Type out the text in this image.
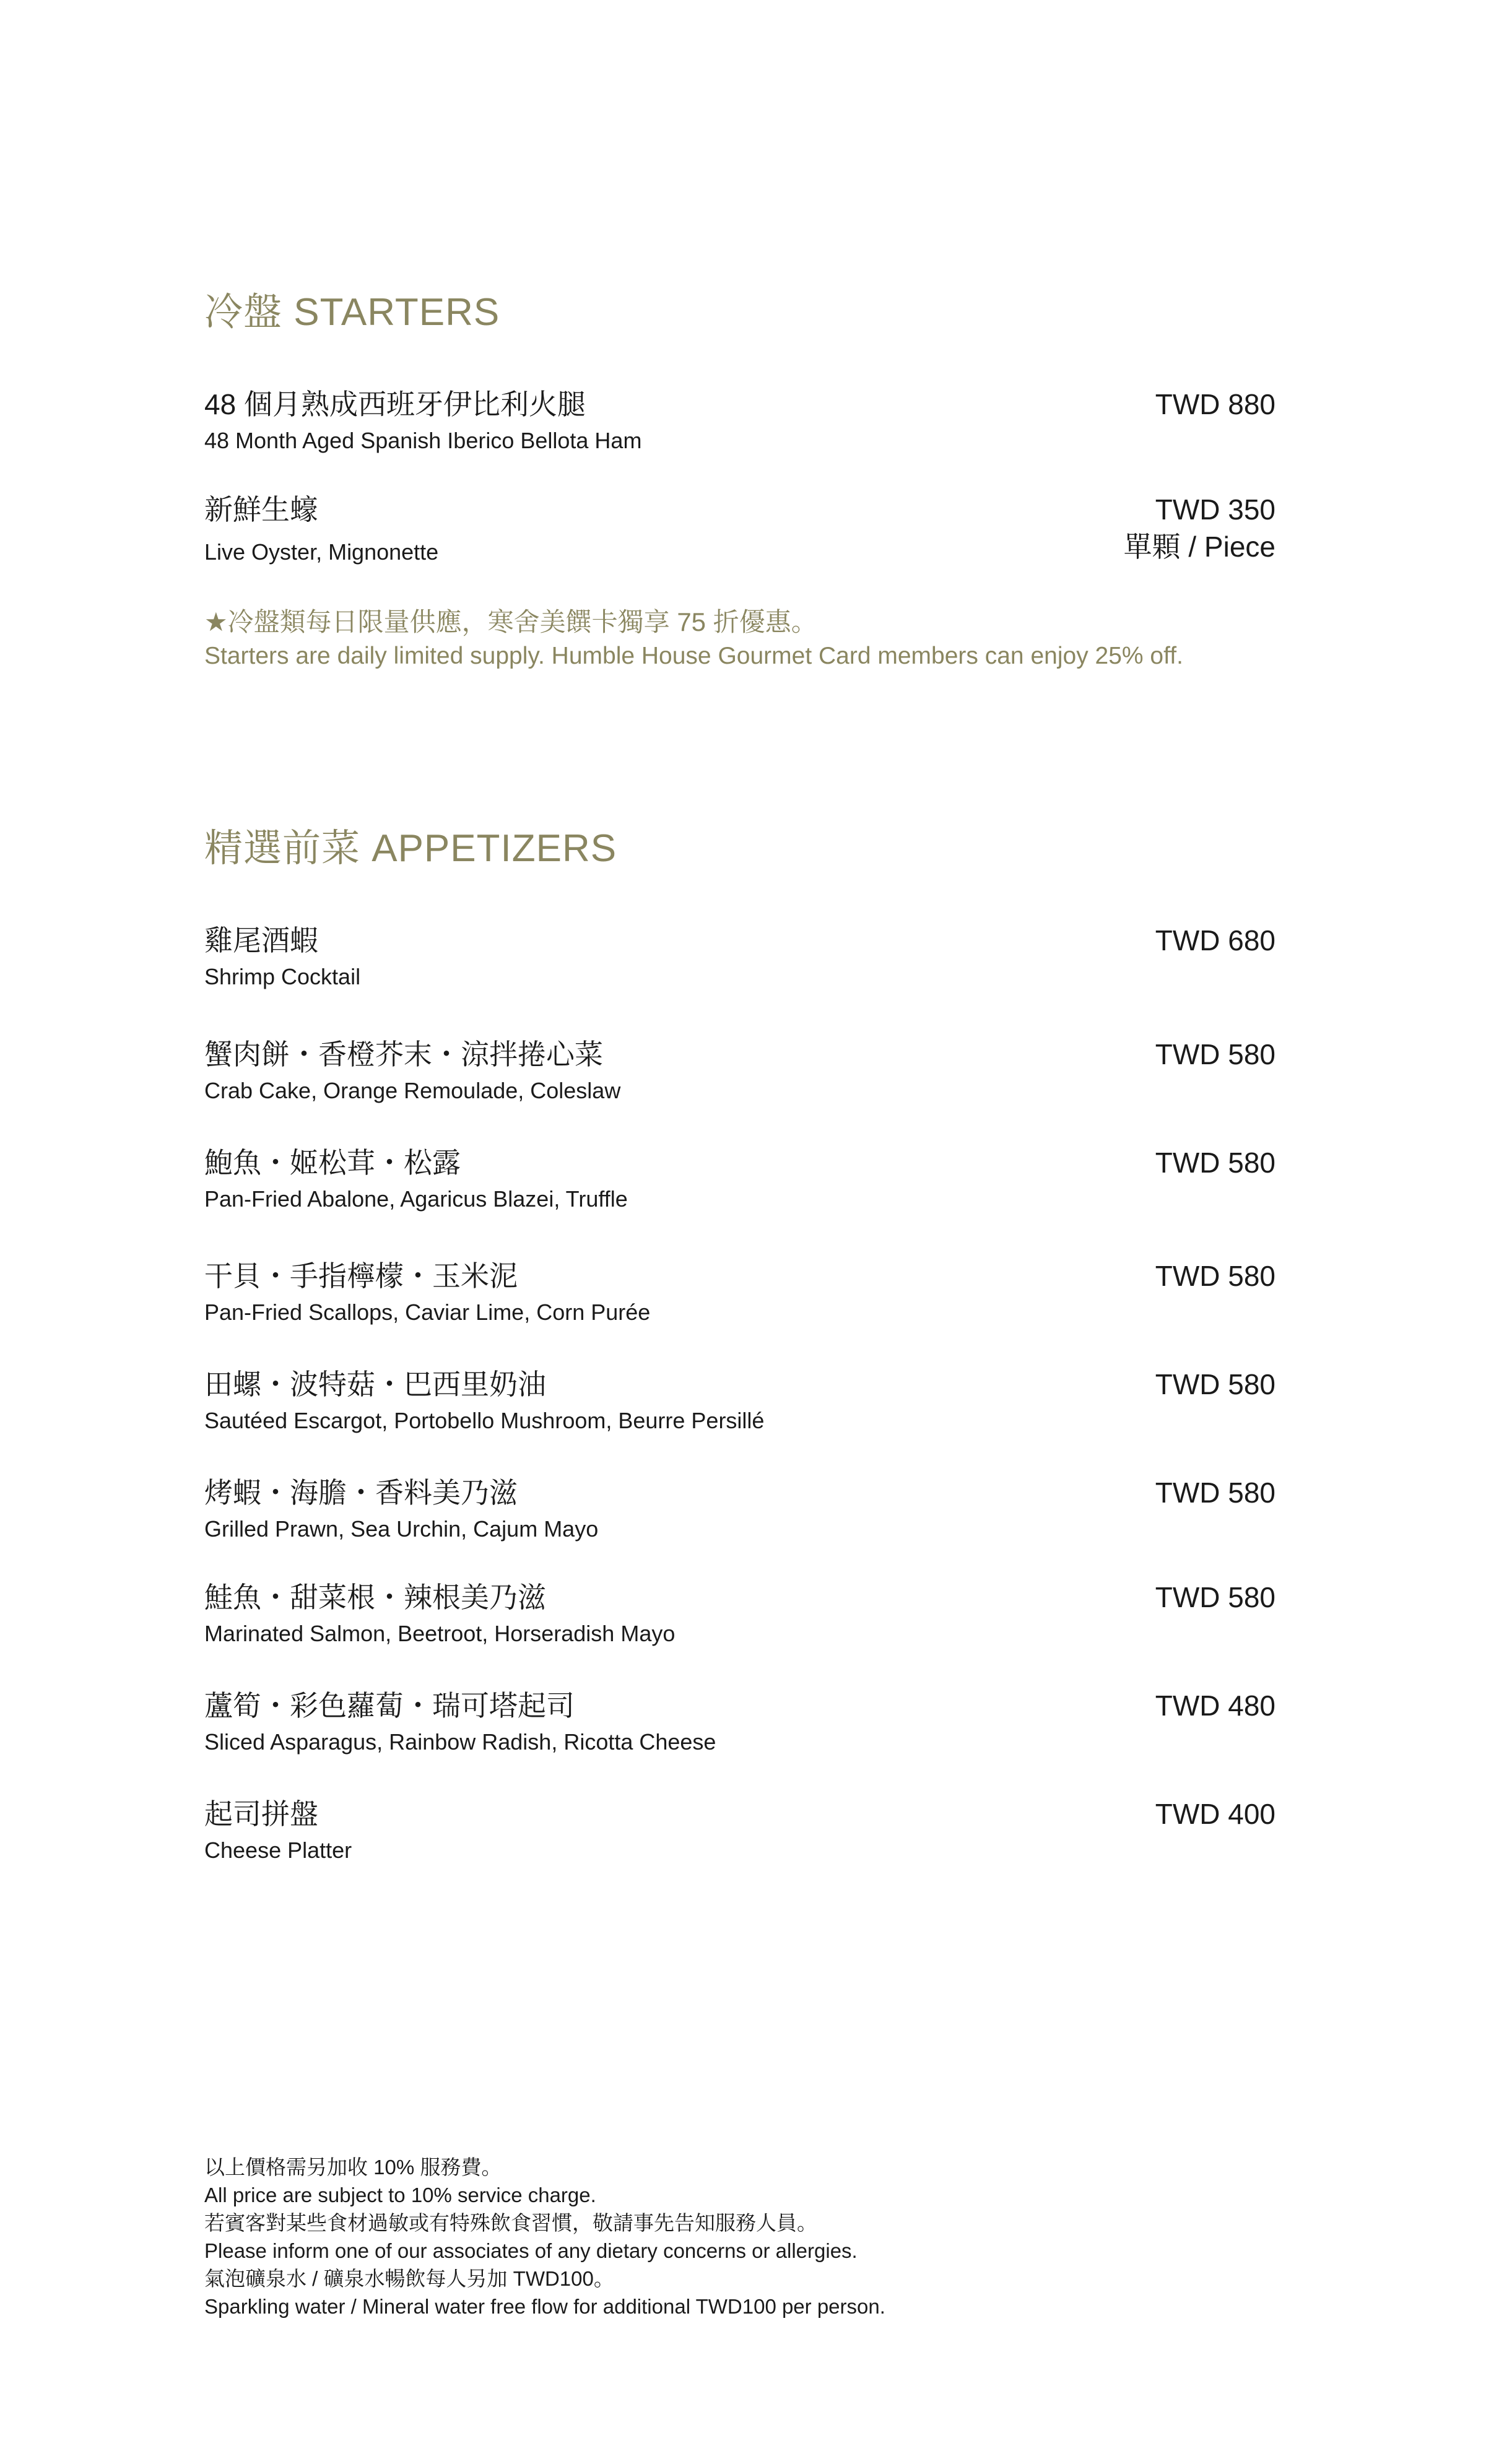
冷盤 STARTERS
48 個月熟成西班牙伊比利火腿
48 Month Aged Spanish Iberico Bellota Ham
TWD 880
新鮮生蠔
Live Oyster, Mignonette
TWD 350
單顆 / Piece
★冷盤類每日限量供應，寒舍美饌卡獨享 75 折優惠。
Starters are daily limited supply. Humble House Gourmet Card members can enjoy 25% off.
精選前菜 APPETIZERS
雞尾酒蝦
Shrimp Cocktail
TWD 680
蟹肉餅・香橙芥末・涼拌捲心菜
Crab Cake, Orange Remoulade, Coleslaw
TWD 580
鮑魚・姬松茸・松露
Pan-Fried Abalone, Agaricus Blazei, Truffle
TWD 580
干貝・手指檸檬・玉米泥
Pan-Fried Scallops, Caviar Lime, Corn Purée
TWD 580
田螺・波特菇・巴西里奶油
Sautéed Escargot, Portobello Mushroom, Beurre Persillé
TWD 580
烤蝦・海膽・香料美乃滋
Grilled Prawn, Sea Urchin, Cajum Mayo
TWD 580
鮭魚・甜菜根・辣根美乃滋
Marinated Salmon, Beetroot, Horseradish Mayo
TWD 580
蘆筍・彩色蘿蔔・瑞可塔起司
Sliced Asparagus, Rainbow Radish, Ricotta Cheese
TWD 480
起司拼盤
Cheese Platter
TWD 400
以上價格需另加收 10% 服務費。
All price are subject to 10% service charge.
若賓客對某些食材過敏或有特殊飲食習慣，敬請事先告知服務人員。
Please inform one of our associates of any dietary concerns or allergies.
氣泡礦泉水 / 礦泉水暢飲每人另加 TWD100。
Sparkling water / Mineral water free flow for additional TWD100 per person.
